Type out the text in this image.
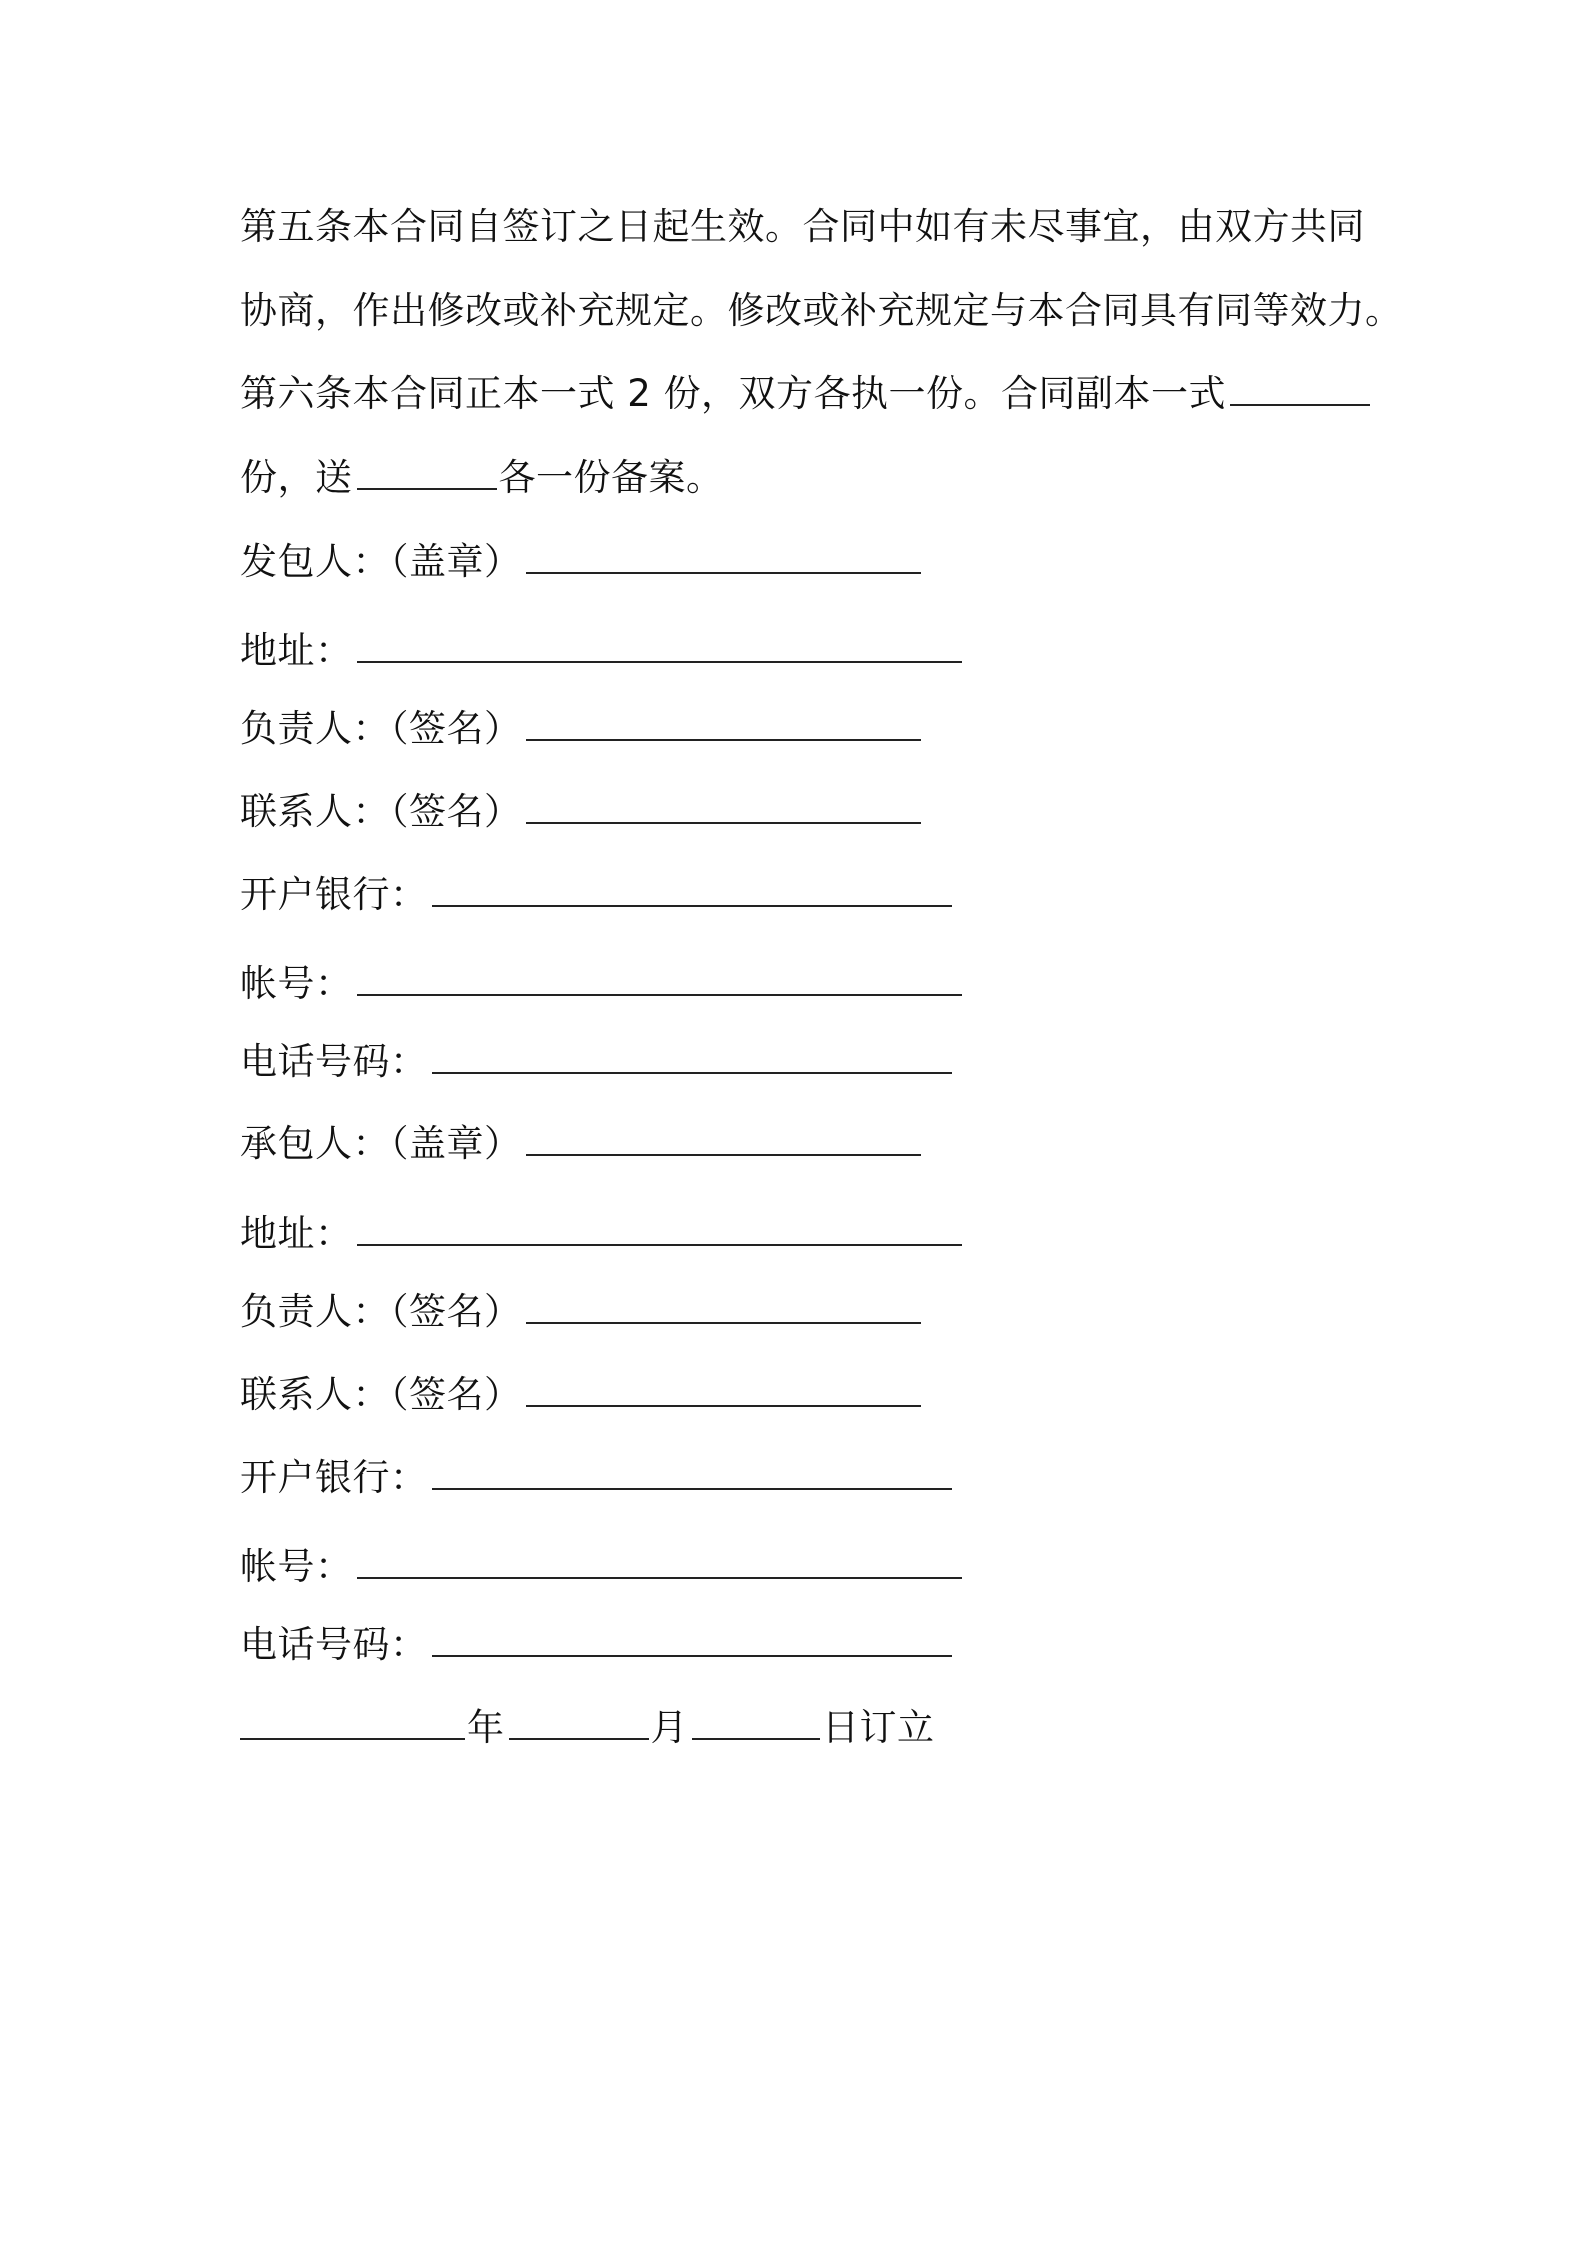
第五条本合同自签订之日起生效。合同中如有未尽事宜，由双方共同
协商，作出修改或补充规定。修改或补充规定与本合同具有同等效力。
第六条本合同正本一式 2 份，双方各执一份。合同副本一式
份，送	各一份备案。
发包人：（盖章）
地址：
负责人：（签名）
联系人：（签名）
开户银行：
帐号：
电话号码：
承包人：（盖章）
地址：
负责人：（签名）
联系人：（签名）
开户银行：
帐号：
电话号码：
年	月	日订立
